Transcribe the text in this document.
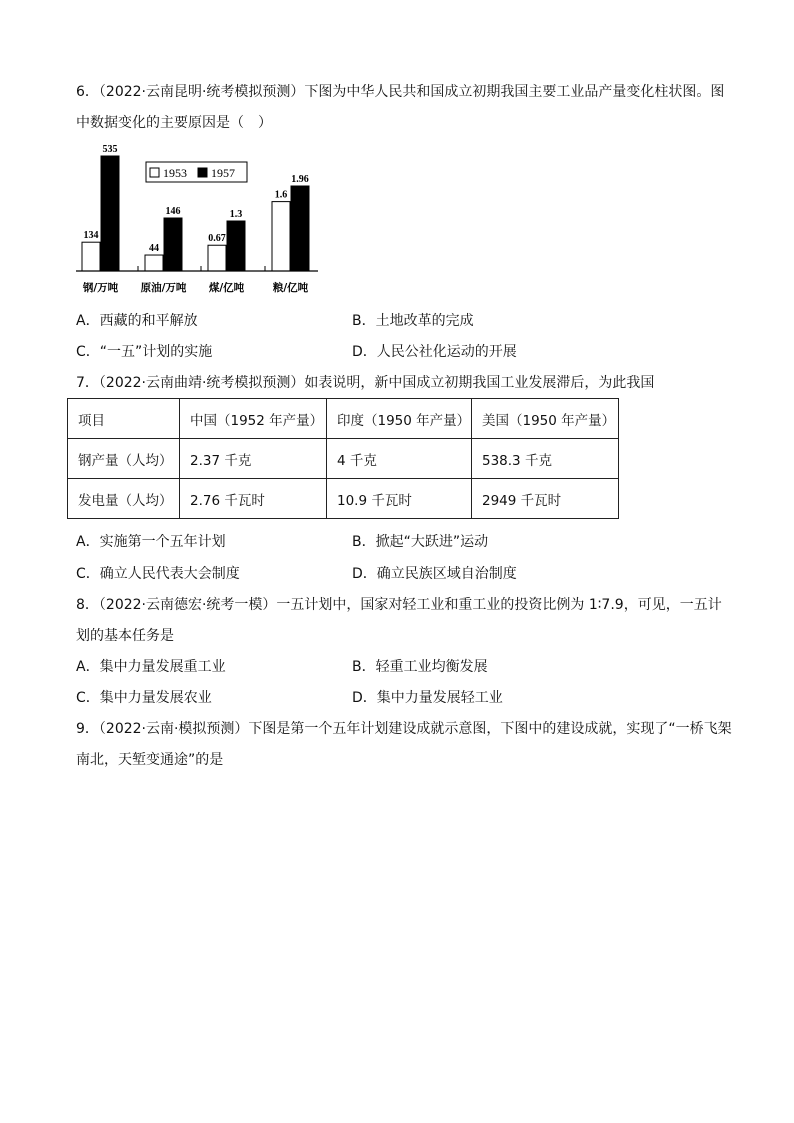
6．（2022·云南昆明·统考模拟预测）下图为中华人民共和国成立初期我国主要工业品产量变化柱状图。图
中数据变化的主要原因是（　）
134
535
44
146
0.67
1.3
1.6
1.96
钢/万吨 原油/万吨 煤/亿吨	粮/亿吨
1953 1957
A．西藏的和平解放	B．土地改革的完成
C．“一五”计划的实施	D．人民公社化运动的开展
7．（2022·云南曲靖·统考模拟预测）如表说明，新中国成立初期我国工业发展滞后，为此我国
项目	中国（1952 年产量）	印度（1950 年产量）	美国（1950 年产量）
钢产量（人均）	2.37 千克	4 千克	538.3 千克
发电量（人均）	2.76 千瓦时	10.9 千瓦时	2949 千瓦时
A．实施第一个五年计划	B．掀起“大跃进”运动
C．确立人民代表大会制度	D．确立民族区域自治制度
8．（2022·云南德宏·统考一模）一五计划中，国家对轻工业和重工业的投资比例为 1∶7.9，可见，一五计
划的基本任务是
A．集中力量发展重工业	B．轻重工业均衡发展
C．集中力量发展农业	D．集中力量发展轻工业
9．（2022·云南·模拟预测）下图是第一个五年计划建设成就示意图，下图中的建设成就，实现了“一桥飞架
南北，天堑变通途”的是
